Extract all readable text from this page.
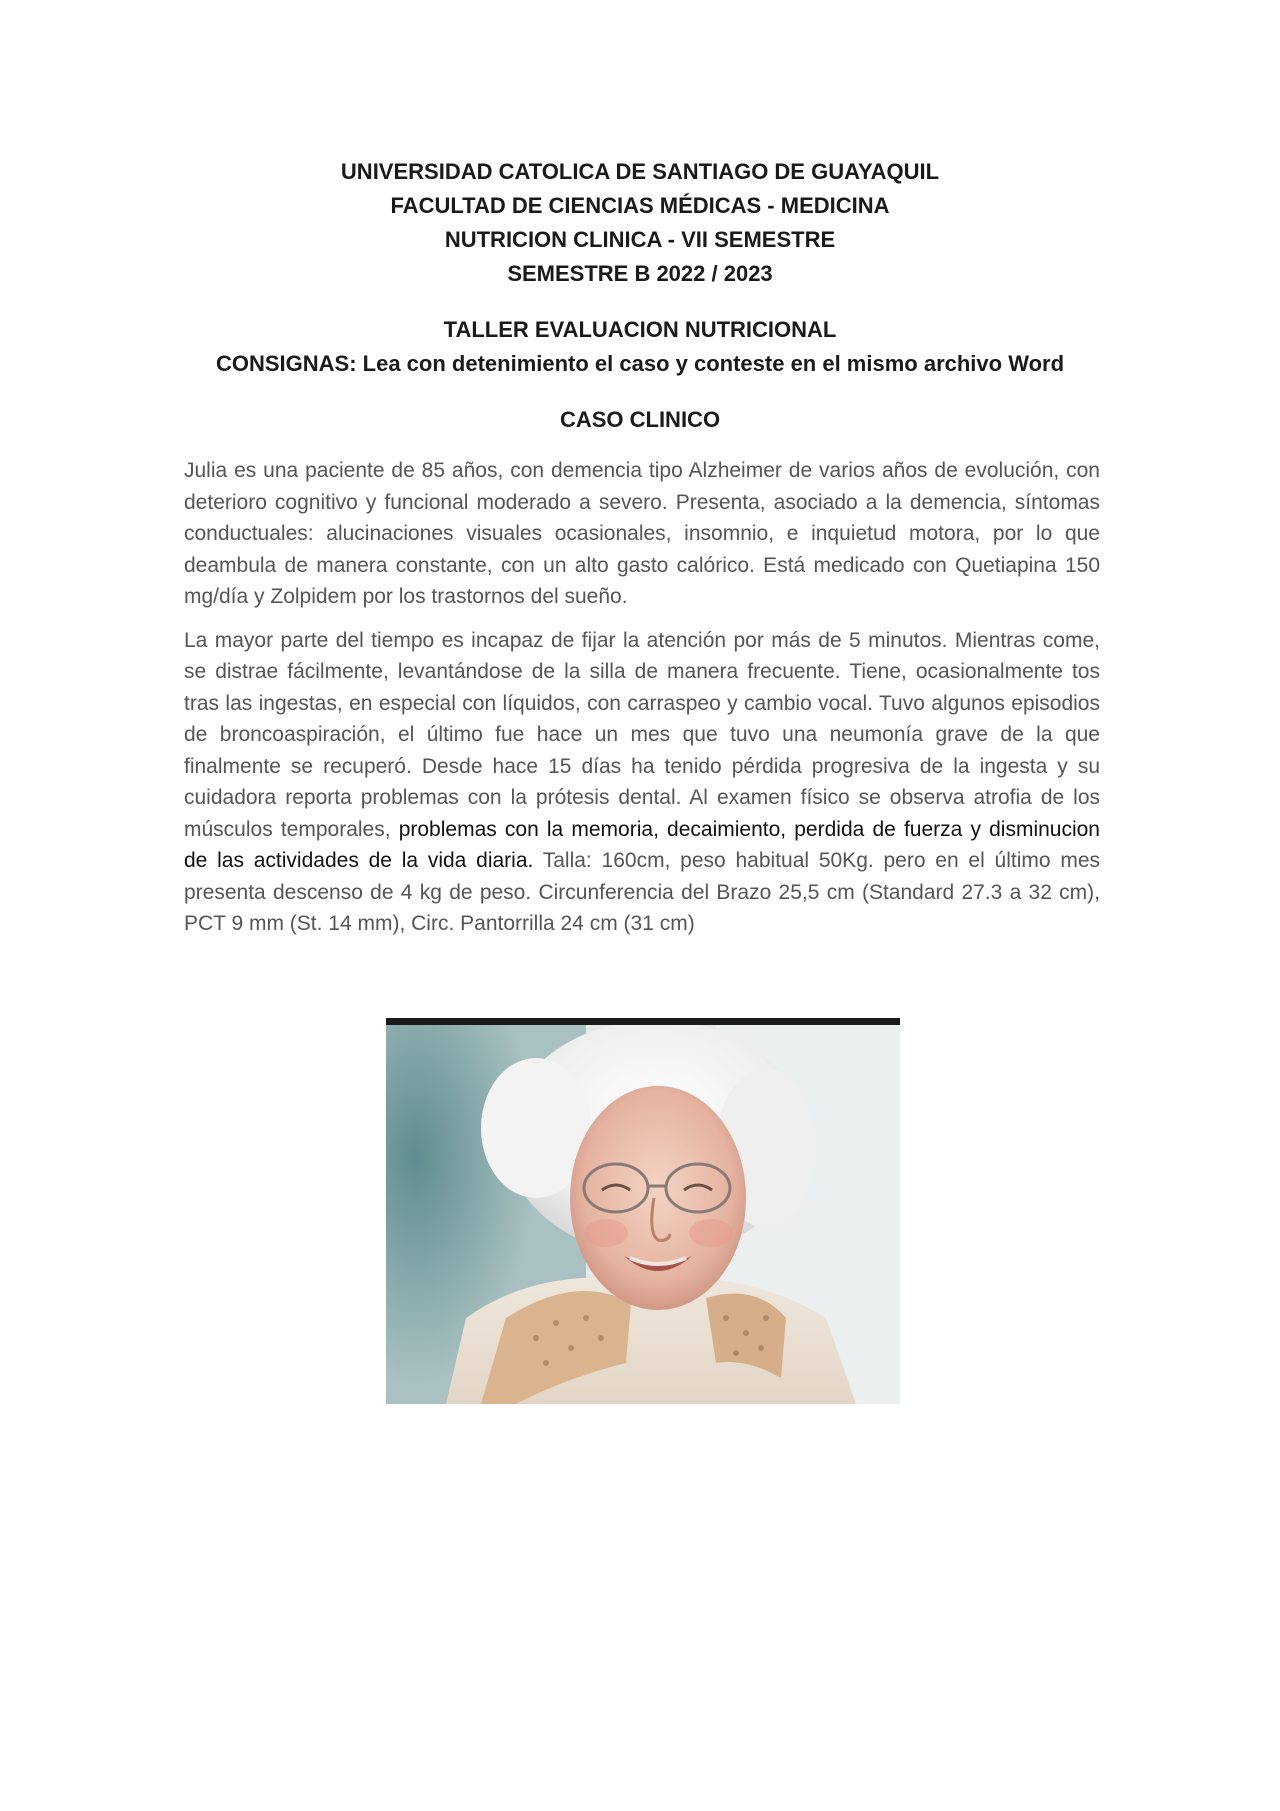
UNIVERSIDAD CATOLICA DE SANTIAGO DE GUAYAQUIL
FACULTAD DE CIENCIAS MÉDICAS - MEDICINA
NUTRICION CLINICA - VII SEMESTRE
SEMESTRE B 2022 / 2023
TALLER EVALUACION NUTRICIONAL
CONSIGNAS: Lea con detenimiento el caso y conteste en el mismo archivo Word
CASO CLINICO

Julia es una paciente de 85 años, con demencia tipo Alzheimer de varios años de evolución, con deterioro cognitivo y funcional moderado a severo. Presenta, asociado a la demencia, síntomas conductuales: alucinaciones visuales ocasionales, insomnio, e inquietud motora, por lo que deambula de manera constante, con un alto gasto calórico. Está medicado con Quetiapina 150 mg/día y Zolpidem por los trastornos del sueño.

La mayor parte del tiempo es incapaz de fijar la atención por más de 5 minutos. Mientras come, se distrae fácilmente, levantándose de la silla de manera frecuente. Tiene, ocasionalmente tos tras las ingestas, en especial con líquidos, con carraspeo y cambio vocal. Tuvo algunos episodios de broncoaspiración, el último fue hace un mes que tuvo una neumonía grave de la que finalmente se recuperó. Desde hace 15 días ha tenido pérdida progresiva de la ingesta y su cuidadora reporta problemas con la prótesis dental. Al examen físico se observa atrofia de los músculos temporales, problemas con la memoria, decaimiento, perdida de fuerza y disminucion de las actividades de la vida diaria. Talla: 160cm, peso habitual 50Kg. pero en el último mes presenta descenso de 4 kg de peso. Circunferencia del Brazo 25,5 cm (Standard 27.3 a 32 cm), PCT 9 mm (St. 14 mm), Circ. Pantorrilla 24 cm (31 cm)
